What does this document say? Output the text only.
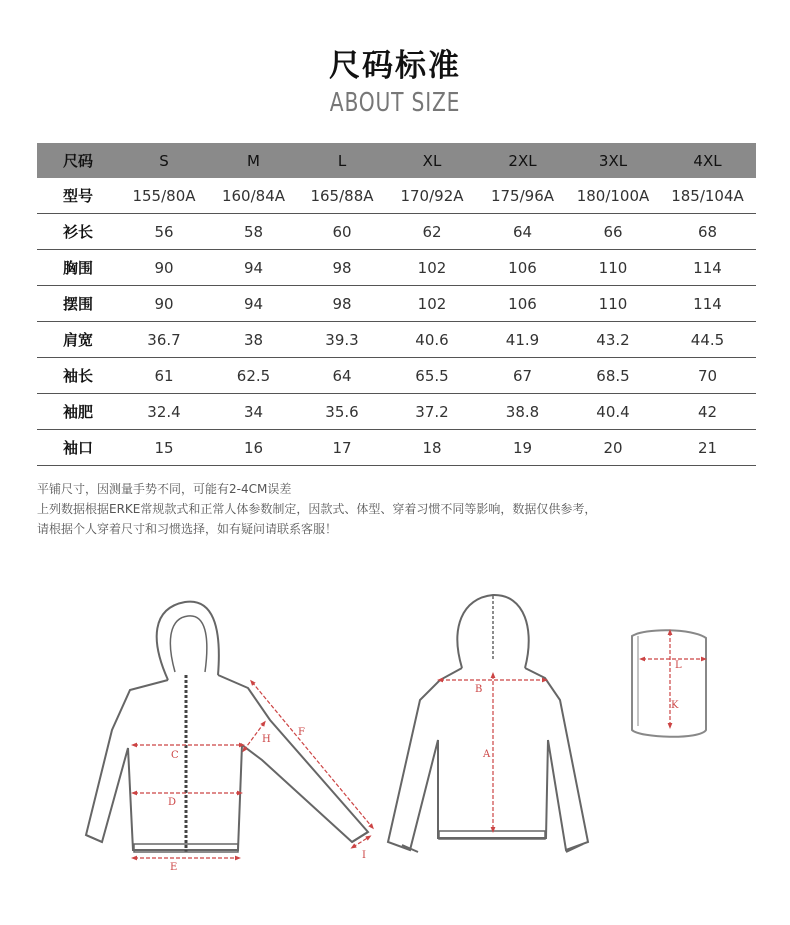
尺码标准
ABOUT SIZE
尺码	S	M	L	XL	2XL	3XL	4XL
型号	155/80A	160/84A	165/88A	170/92A	175/96A	180/100A	185/104A
衫长	56	58	60	62	64	66	68
胸围	90	94	98	102	106	110	114
摆围	90	94	98	102	106	110	114
肩宽	36.7	38	39.3	40.6	41.9	43.2	44.5
袖长	61	62.5	64	65.5	67	68.5	70
袖肥	32.4	34	35.6	37.2	38.8	40.4	42
袖口	15	16	17	18	19	20	21
平铺尺寸，因测量手势不同，可能有2-4CM误差
上列数据根据ERKE常规款式和正常人体参数制定，因款式、体型、穿着习惯不同等影响，数据仅供参考，
请根据个人穿着尺寸和习惯选择，如有疑问请联系客服！
C
D
E
F
H
I
B
A
L
K
